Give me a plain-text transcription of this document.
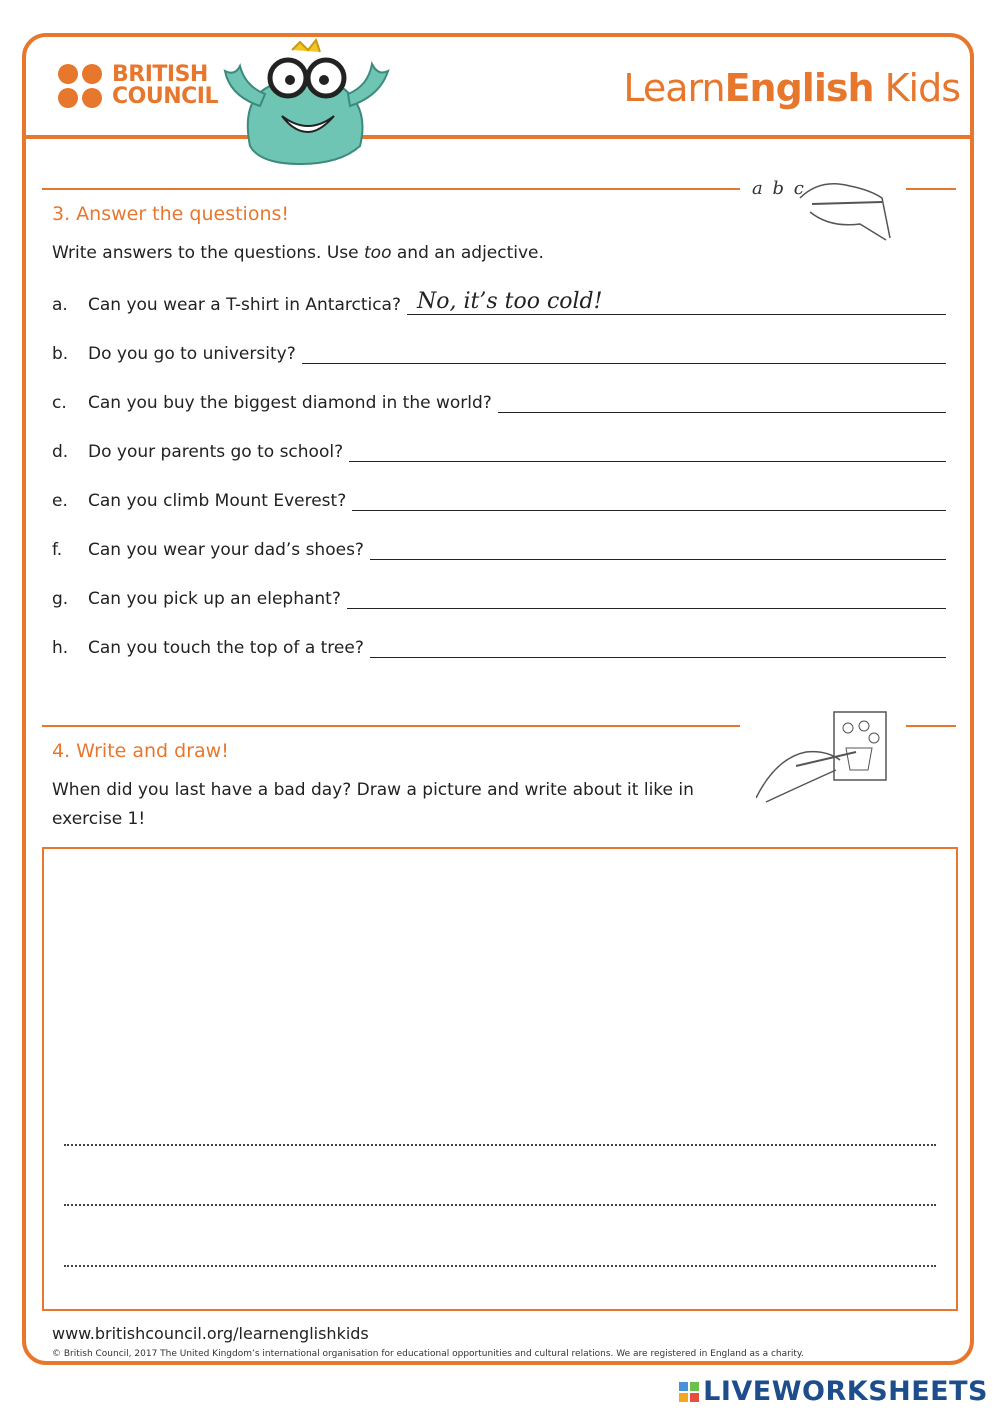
BRITISH
COUNCIL	LearnEnglish Kids
a b c
3. Answer the questions!
Write answers to the questions. Use too and an adjective.
a.	Can you wear a T-shirt in Antarctica? No, it’s too cold!
b.	Do you go to university?
c.	Can you buy the biggest diamond in the world?
d.	Do your parents go to school?
e.	Can you climb Mount Everest?
f.	Can you wear your dad’s shoes?
g.	Can you pick up an elephant?
h.	Can you touch the top of a tree?
4. Write and draw!
When did you last have a bad day? Draw a picture and write about it like in
exercise 1!
www.britishcouncil.org/learnenglishkids
© British Council, 2017 The United Kingdom’s international organisation for educational opportunities and cultural relations. We are registered in England as a charity.
LIVEWORKSHEETS
